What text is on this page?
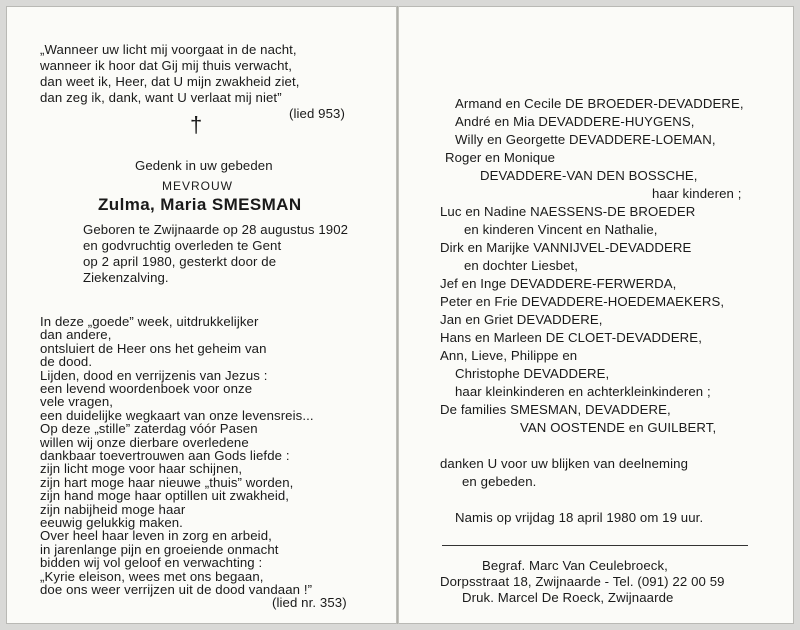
„Wanneer uw licht mij voorgaat in de nacht,
wanneer ik hoor dat Gij mij thuis verwacht,
dan weet ik, Heer, dat U mijn zwakheid ziet,
dan zeg ik, dank, want U verlaat mij niet”
(lied 953)
†
Gedenk in uw gebeden
MEVROUW
Zulma, Maria SMESMAN
Geboren te Zwijnaarde op 28 augustus 1902
en godvruchtig overleden te Gent
op 2 april 1980, gesterkt door de
Ziekenzalving.
In deze „goede” week, uitdrukkelijker
dan andere,
ontsluiert de Heer ons het geheim van
de dood.
Lijden, dood en verrijzenis van Jezus :
een levend woordenboek voor onze
vele vragen,
een duidelijke wegkaart van onze levensreis...
Op deze „stille” zaterdag vóór Pasen
willen wij onze dierbare overledene
dankbaar toevertrouwen aan Gods liefde :
zijn licht moge voor haar schijnen,
zijn hart moge haar nieuwe „thuis” worden,
zijn hand moge haar optillen uit zwakheid,
zijn nabijheid moge haar
eeuwig gelukkig maken.
Over heel haar leven in zorg en arbeid,
in jarenlange pijn en groeiende onmacht
bidden wij vol geloof en verwachting :
„Kyrie eleison, wees met ons begaan,
doe ons weer verrijzen uit de dood vandaan !”
(lied nr. 353)
Armand en Cecile DE BROEDER-DEVADDERE,
André en Mia DEVADDERE-HUYGENS,
Willy en Georgette DEVADDERE-LOEMAN,
Roger en Monique
DEVADDERE-VAN DEN BOSSCHE,
haar kinderen ;
Luc en Nadine NAESSENS-DE BROEDER
en kinderen Vincent en Nathalie,
Dirk en Marijke VANNIJVEL-DEVADDERE
en dochter Liesbet,
Jef en Inge DEVADDERE-FERWERDA,
Peter en Frie DEVADDERE-HOEDEMAEKERS,
Jan en Griet DEVADDERE,
Hans en Marleen DE CLOET-DEVADDERE,
Ann, Lieve, Philippe en
Christophe DEVADDERE,
haar kleinkinderen en achterkleinkinderen ;
De families SMESMAN, DEVADDERE,
VAN OOSTENDE en GUILBERT,
danken U voor uw blijken van deelneming
en gebeden.
Namis op vrijdag 18 april 1980 om 19 uur.
Begraf. Marc Van Ceulebroeck,
Dorpsstraat 18, Zwijnaarde - Tel. (091) 22 00 59
Druk. Marcel De Roeck, Zwijnaarde
